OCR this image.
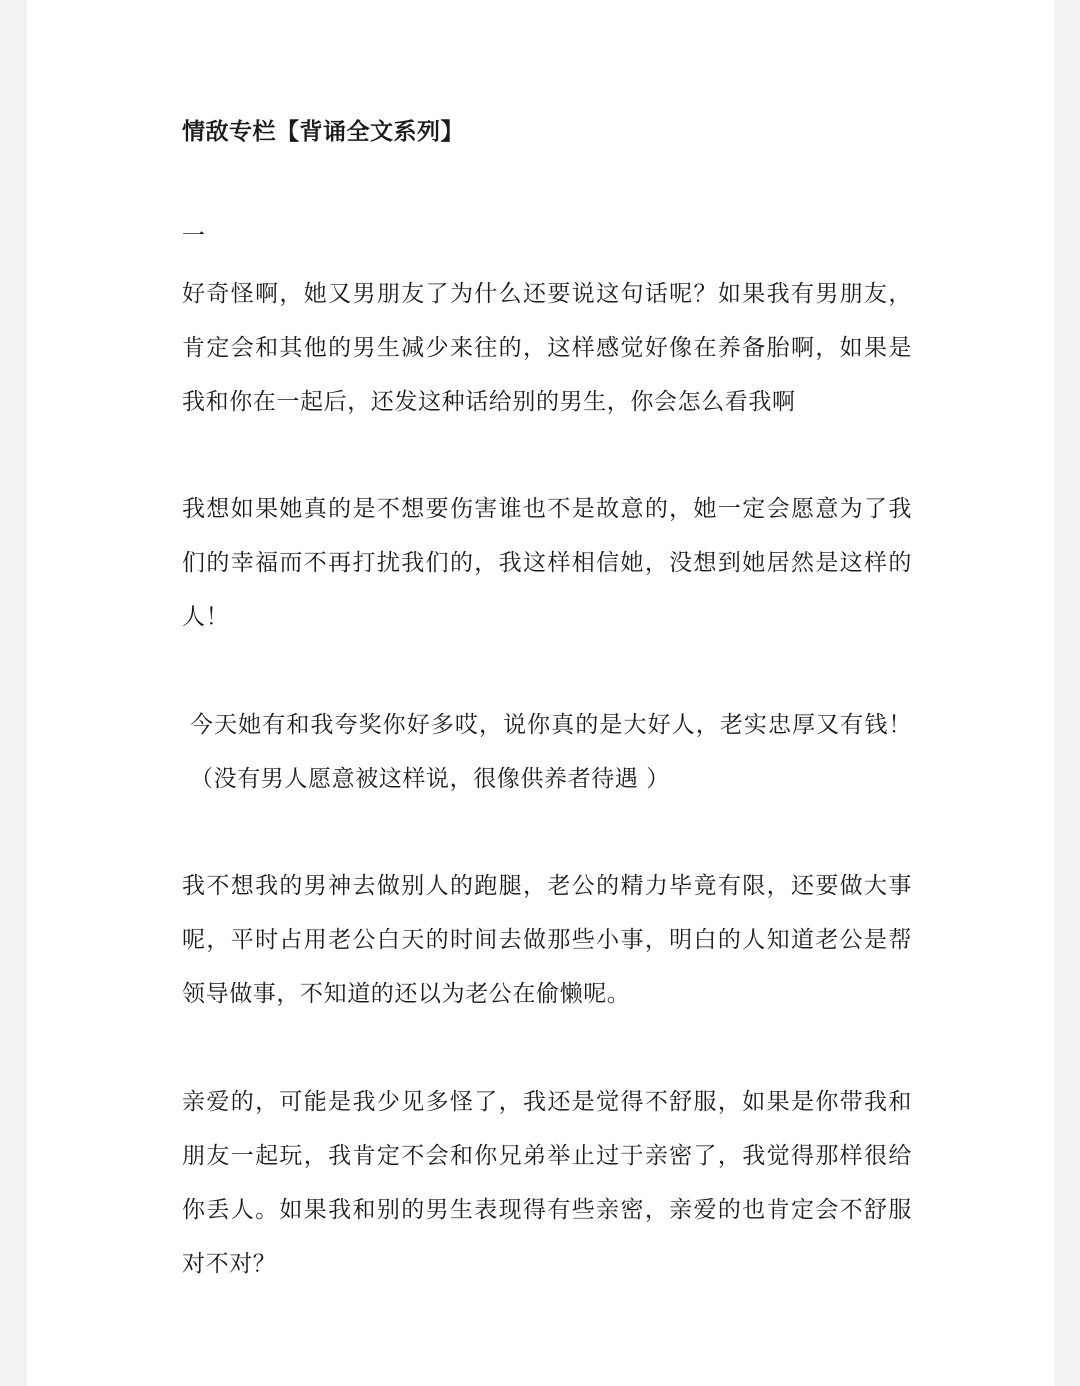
情敌专栏【背诵全文系列】
一

好奇怪啊，她又男朋友了为什么还要说这句话呢？如果我有男朋友，肯定会和其他的男生减少来往的，这样感觉好像在养备胎啊，如果是我和你在一起后，还发这种话给别的男生，你会怎么看我啊

我想如果她真的是不想要伤害谁也不是故意的，她一定会愿意为了我们的幸福而不再打扰我们的，我这样相信她，没想到她居然是这样的人！

今天她有和我夸奖你好多哎，说你真的是大好人，老实忠厚又有钱！（没有男人愿意被这样说，很像供养者待遇 ）

我不想我的男神去做别人的跑腿，老公的精力毕竟有限，还要做大事呢，平时占用老公白天的时间去做那些小事，明白的人知道老公是帮领导做事，不知道的还以为老公在偷懒呢。

亲爱的，可能是我少见多怪了，我还是觉得不舒服，如果是你带我和朋友一起玩，我肯定不会和你兄弟举止过于亲密了，我觉得那样很给你丢人。如果我和别的男生表现得有些亲密，亲爱的也肯定会不舒服对不对？
